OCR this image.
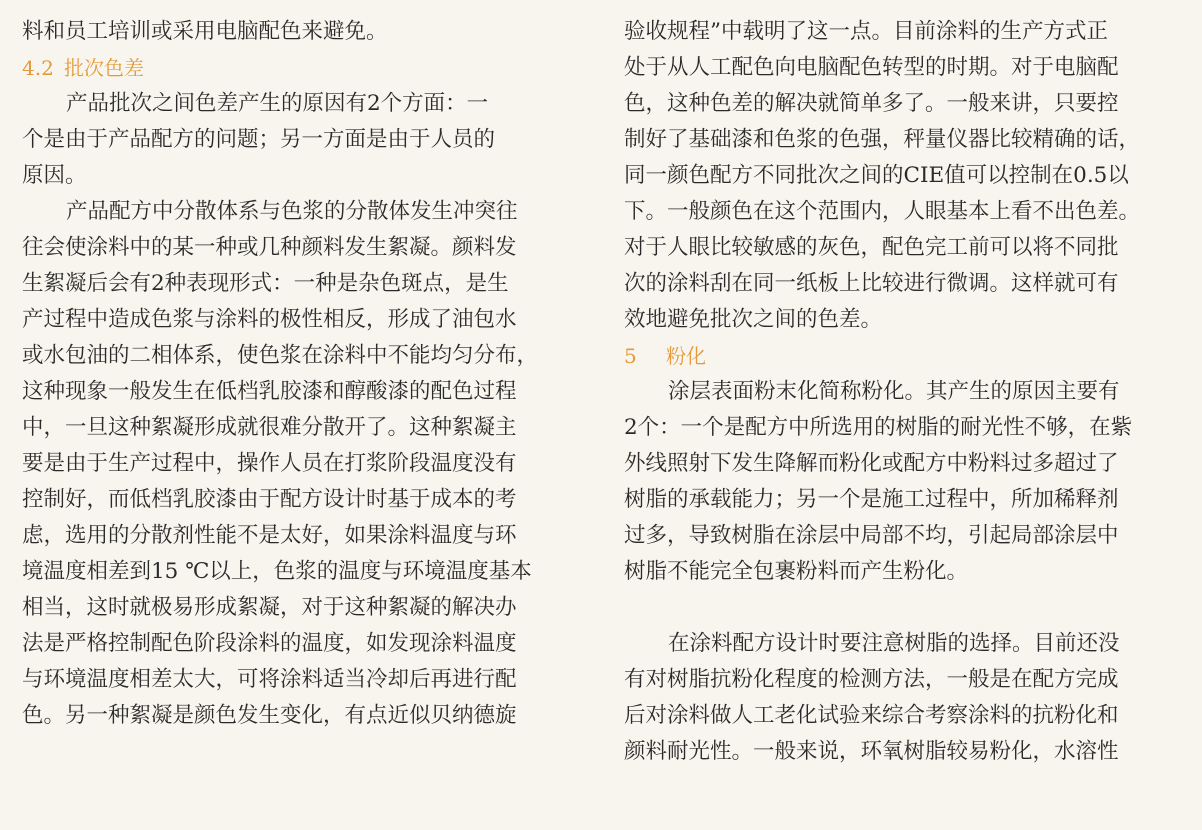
料和员工培训或采用电脑配色来避免。
4.2 批次色差
产品批次之间色差产生的原因有2个方面：一
个是由于产品配方的问题；另一方面是由于人员的
原因。
产品配方中分散体系与色浆的分散体发生冲突往
往会使涂料中的某一种或几种颜料发生絮凝。颜料发
生絮凝后会有2种表现形式：一种是杂色斑点，是生
产过程中造成色浆与涂料的极性相反，形成了油包水
或水包油的二相体系，使色浆在涂料中不能均匀分布，
这种现象一般发生在低档乳胶漆和醇酸漆的配色过程
中，一旦这种絮凝形成就很难分散开了。这种絮凝主
要是由于生产过程中，操作人员在打浆阶段温度没有
控制好，而低档乳胶漆由于配方设计时基于成本的考
虑，选用的分散剂性能不是太好，如果涂料温度与环
境温度相差到15 ℃以上，色浆的温度与环境温度基本
相当，这时就极易形成絮凝，对于这种絮凝的解决办
法是严格控制配色阶段涂料的温度，如发现涂料温度
与环境温度相差太大，可将涂料适当冷却后再进行配
色。另一种絮凝是颜色发生变化，有点近似贝纳德旋
验收规程”中载明了这一点。目前涂料的生产方式正
处于从人工配色向电脑配色转型的时期。对于电脑配
色，这种色差的解决就简单多了。一般来讲，只要控
制好了基础漆和色浆的色强，秤量仪器比较精确的话，
同一颜色配方不同批次之间的CIE值可以控制在0.5以
下。一般颜色在这个范围内，人眼基本上看不出色差。
对于人眼比较敏感的灰色，配色完工前可以将不同批
次的涂料刮在同一纸板上比较进行微调。这样就可有
效地避免批次之间的色差。
5 粉化
涂层表面粉末化简称粉化。其产生的原因主要有
2个：一个是配方中所选用的树脂的耐光性不够，在紫
外线照射下发生降解而粉化或配方中粉料过多超过了
树脂的承载能力；另一个是施工过程中，所加稀释剂
过多，导致树脂在涂层中局部不均，引起局部涂层中
树脂不能完全包裹粉料而产生粉化。
在涂料配方设计时要注意树脂的选择。目前还没
有对树脂抗粉化程度的检测方法，一般是在配方完成
后对涂料做人工老化试验来综合考察涂料的抗粉化和
颜料耐光性。一般来说，环氧树脂较易粉化，水溶性
